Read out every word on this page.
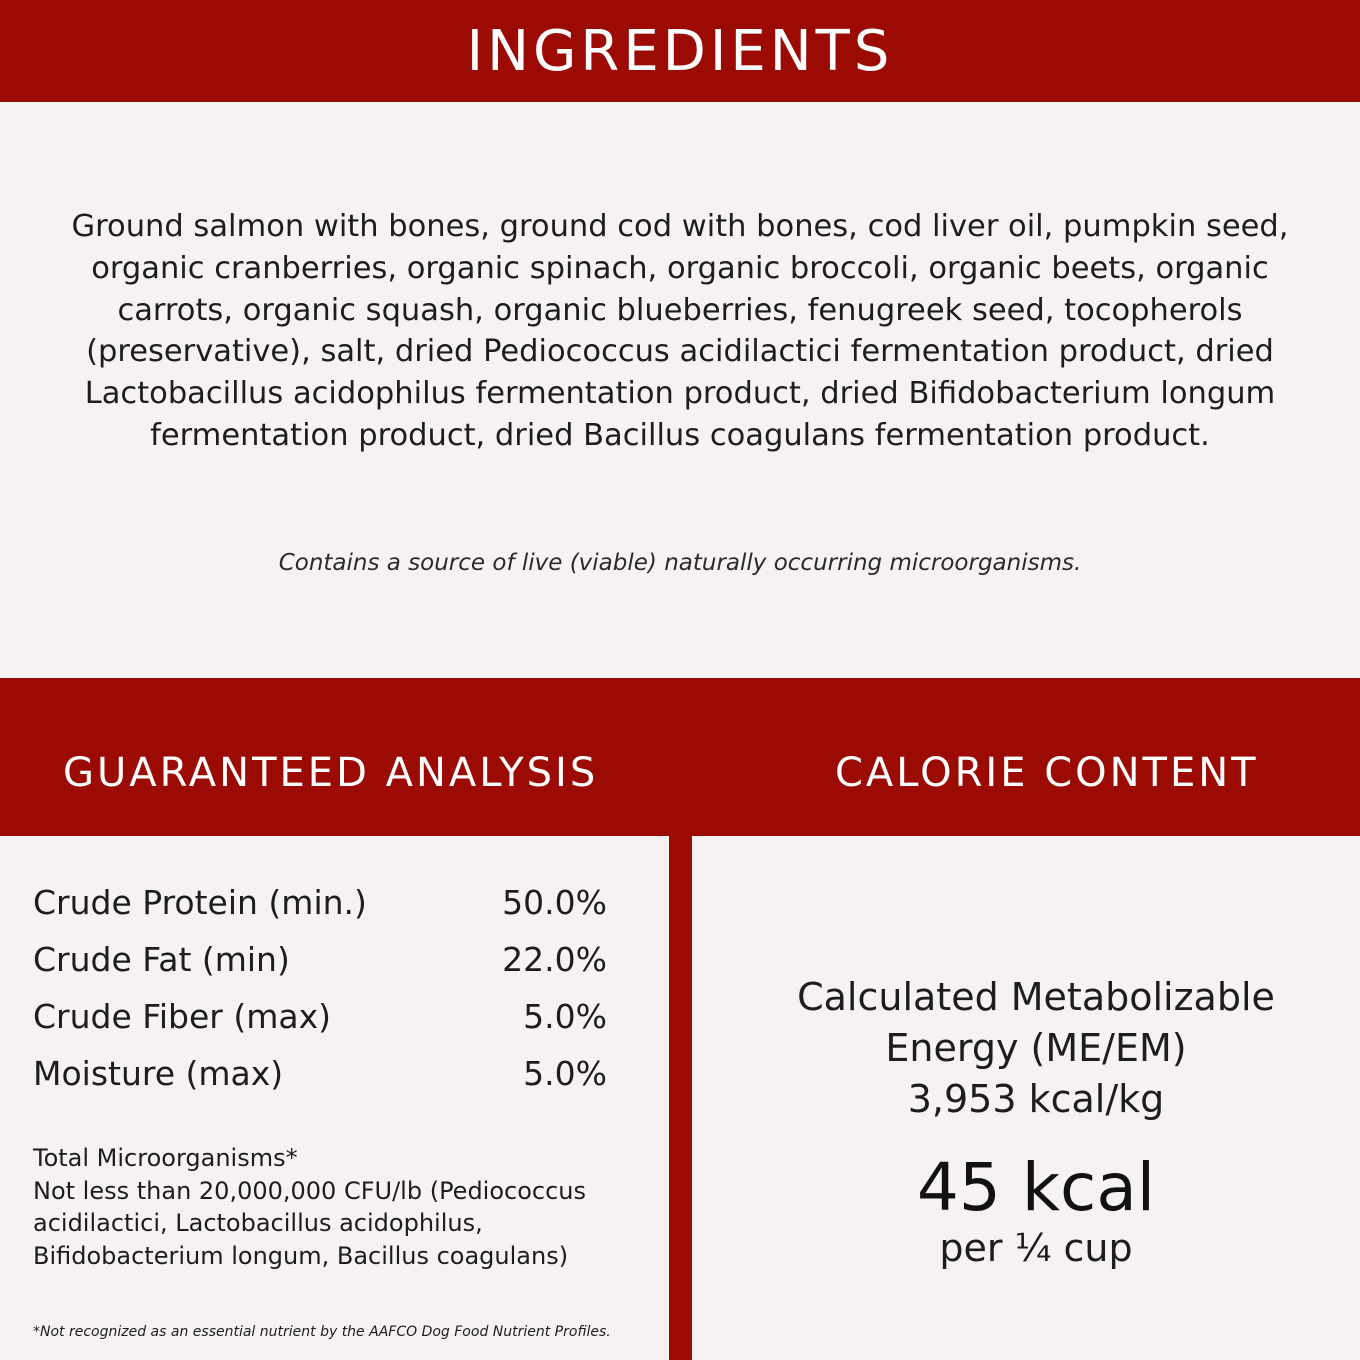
INGREDIENTS

Ground salmon with bones, ground cod with bones, cod liver oil, pumpkin seed,
organic cranberries, organic spinach, organic broccoli, organic beets, organic
carrots, organic squash, organic blueberries, fenugreek seed, tocopherols
(preservative), salt, dried Pediococcus acidilactici fermentation product, dried
Lactobacillus acidophilus fermentation product, dried Bifidobacterium longum
fermentation product, dried Bacillus coagulans fermentation product.

Contains a source of live (viable) naturally occurring microorganisms.

GUARANTEED ANALYSIS	CALORIE CONTENT
Crude Protein (min.)	50.0%
Crude Fat (min)	22.0%
Crude Fiber (max)	5.0%
Moisture (max)	5.0%
Total Microorganisms*
Not less than 20,000,000 CFU/lb (Pediococcus
acidilactici, Lactobacillus acidophilus,
Bifidobacterium longum, Bacillus coagulans)
*Not recognized as an essential nutrient by the AAFCO Dog Food Nutrient Profiles.
Calculated Metabolizable
Energy (ME/EM)
3,953 kcal/kg
45 kcal
per ¼ cup
